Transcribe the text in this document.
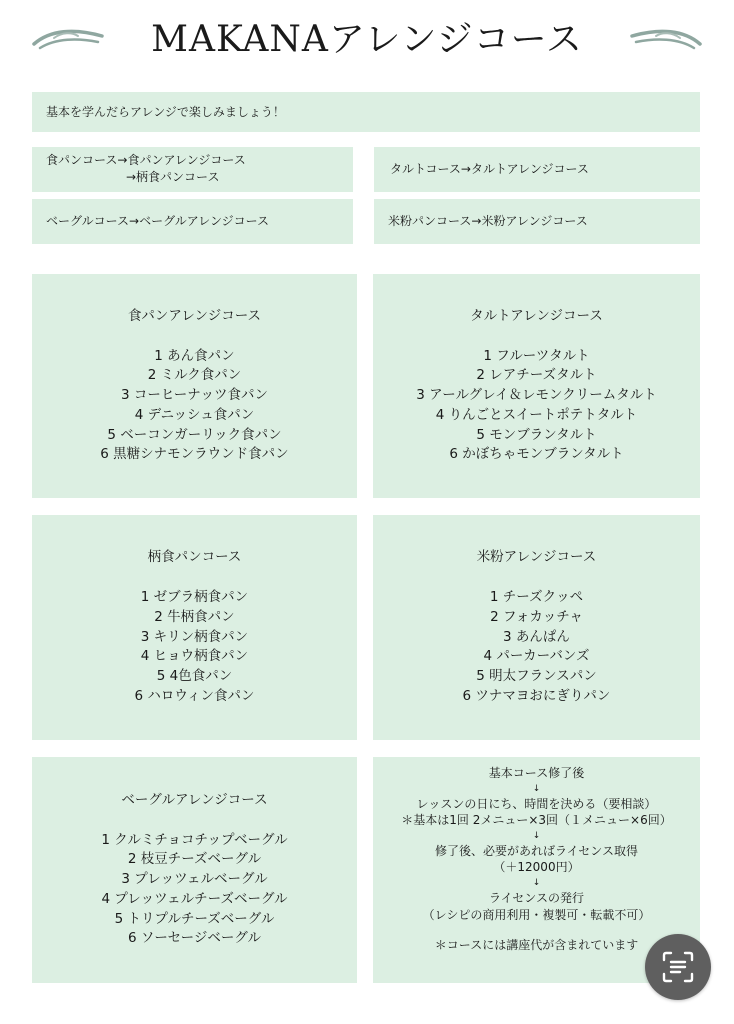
MAKANAアレンジコース
基本を学んだらアレンジで楽しみましょう！
食パンコース→食パンアレンジコース
→柄食パンコース
タルトコース→タルトアレンジコース
ベーグルコース→ベーグルアレンジコース	米粉パンコース→米粉アレンジコース
食パンアレンジコース
1 あん食パン
2 ミルク食パン
3 コーヒーナッツ食パン
4 デニッシュ食パン
5 ベーコンガーリック食パン
6 黒糖シナモンラウンド食パン
タルトアレンジコース
1 フルーツタルト
2 レアチーズタルト
3 アールグレイ＆レモンクリームタルト
4 りんごとスイートポテトタルト
5 モンブランタルト
6 かぼちゃモンブランタルト
柄食パンコース
1 ゼブラ柄食パン
2 牛柄食パン
3 キリン柄食パン
4 ヒョウ柄食パン
5 4色食パン
6 ハロウィン食パン
米粉アレンジコース
1 チーズクッペ
2 フォカッチャ
3 あんぱん
4 パーカーバンズ
5 明太フランスパン
6 ツナマヨおにぎりパン
ベーグルアレンジコース
1 クルミチョコチップベーグル
2 枝豆チーズベーグル
3 プレッツェルベーグル
4 プレッツェルチーズベーグル
5 トリプルチーズベーグル
6 ソーセージベーグル
基本コース修了後
↓
レッスンの日にち、時間を決める（要相談）
＊基本は1回 2メニュー×3回（１メニュー×6回）
↓
修了後、必要があればライセンス取得
（＋12000円）
↓
ライセンスの発行
（レシピの商用利用・複製可・転載不可）
＊コースには講座代が含まれています
